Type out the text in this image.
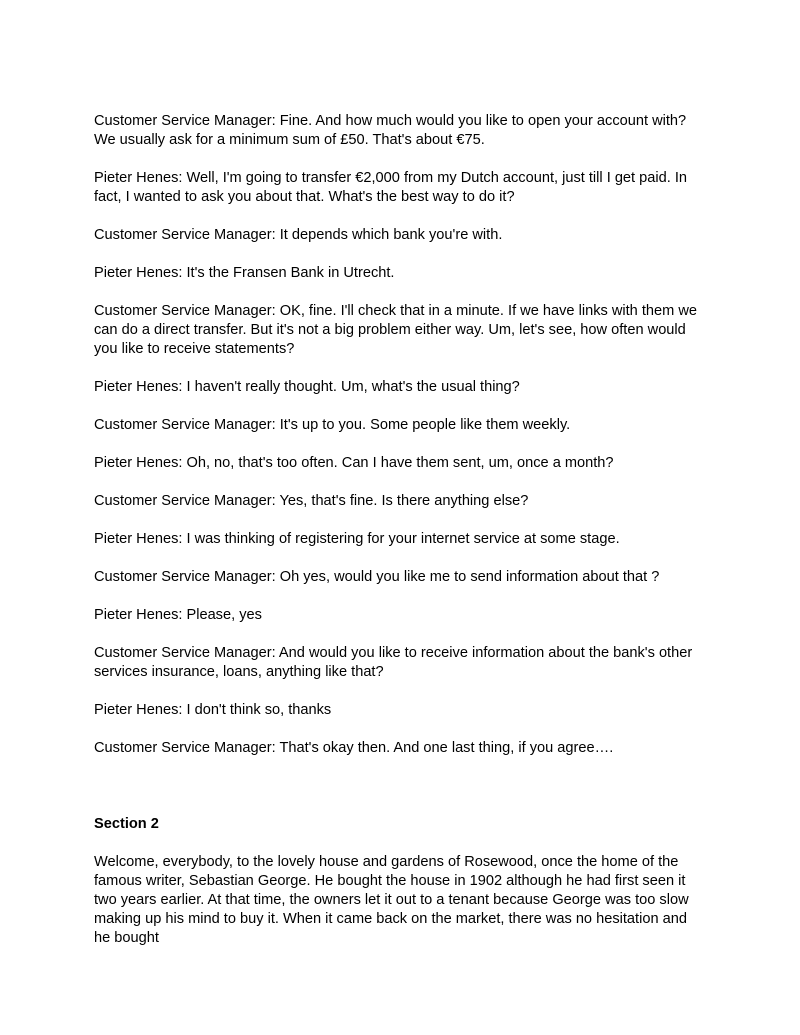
Customer Service Manager: Fine. And how much would you like to open your account with? We usually ask for a minimum sum of £50. That's about €75.

Pieter Henes: Well, I'm going to transfer €2,000 from my Dutch account, just till I get paid. In fact, I wanted to ask you about that. What's the best way to do it?

Customer Service Manager: It depends which bank you're with.

Pieter Henes: It's the Fransen Bank in Utrecht.

Customer Service Manager: OK, fine. I'll check that in a minute. If we have links with them we can do a direct transfer. But it's not a big problem either way. Um, let's see, how often would you like to receive statements?

Pieter Henes: I haven't really thought. Um, what's the usual thing?

Customer Service Manager: It's up to you. Some people like them weekly.

Pieter Henes: Oh, no, that's too often. Can I have them sent, um, once a month?

Customer Service Manager: Yes, that's fine. Is there anything else?

Pieter Henes: I was thinking of registering for your internet service at some stage.

Customer Service Manager: Oh yes, would you like me to send information about that ?

Pieter Henes: Please, yes

Customer Service Manager: And would you like to receive information about the bank's other services insurance, loans, anything like that?

Pieter Henes: I don't think so, thanks

Customer Service Manager: That's okay then. And one last thing, if you agree….

Section 2

Welcome, everybody, to the lovely house and gardens of Rosewood, once the home of the famous writer, Sebastian George. He bought the house in 1902 although he had first seen it two years earlier. At that time, the owners let it out to a tenant because George was too slow making up his mind to buy it. When it came back on the market, there was no hesitation and he bought
